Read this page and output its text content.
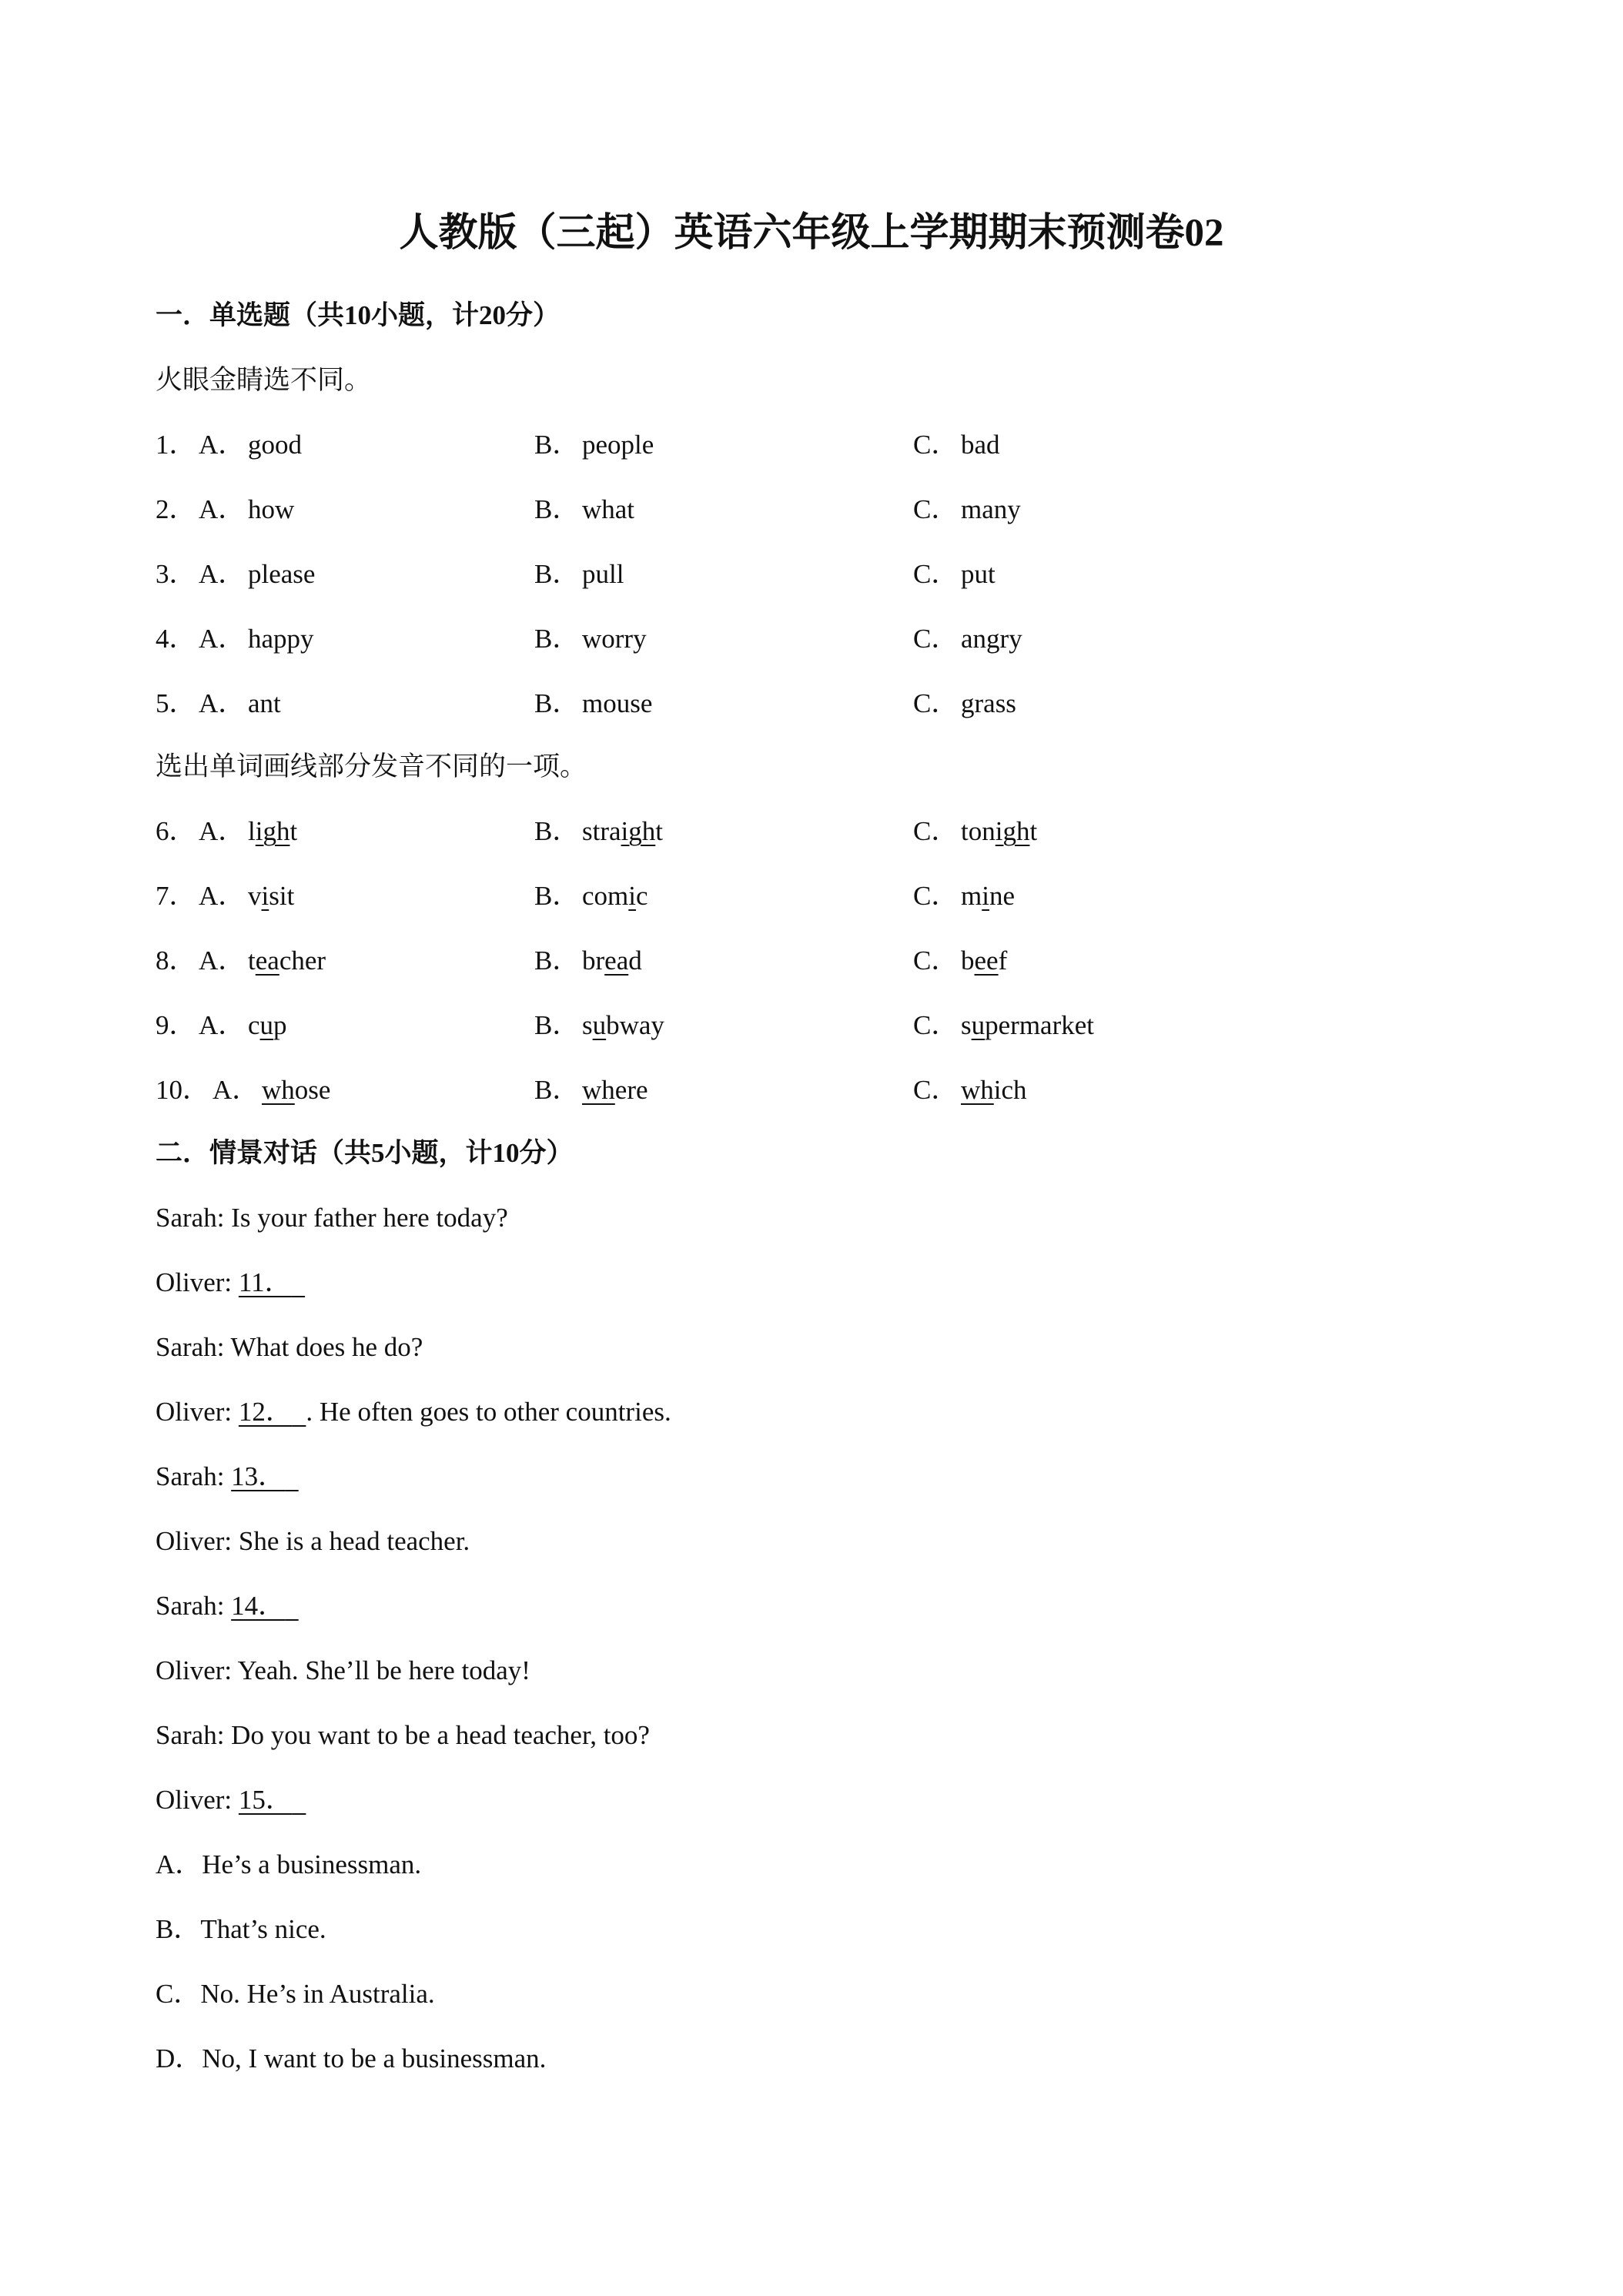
人教版（三起）英语六年级上学期期末预测卷02
一．单选题（共10小题，计20分）
火眼金睛选不同。
1． A． good	B． people	C． bad
2． A． how	B． what	C． many
3． A． please	B． pull	C． put
4． A． happy	B． worry	C． angry
5． A． ant	B． mouse	C． grass
选出单词画线部分发音不同的一项。
6． A． light	B． straight	C． tonight
7． A． visit	B． comic	C． mine
8． A． teacher	B． bread	C． beef
9． A． cup	B． subway	C． supermarket
10． A． whose	B． where	C． which
二．情景对话（共5小题，计10分）
Sarah: Is your father here today?
Oliver: 11．
Sarah: What does he do?
Oliver: 12． . He often goes to other countries.
Sarah: 13．
Oliver: She is a head teacher.
Sarah: 14．
Oliver: Yeah. She’ll be here today!
Sarah: Do you want to be a head teacher, too?
Oliver: 15．
A．He’s a businessman.
B．That’s nice.
C．No. He’s in Australia.
D．No, I want to be a businessman.
